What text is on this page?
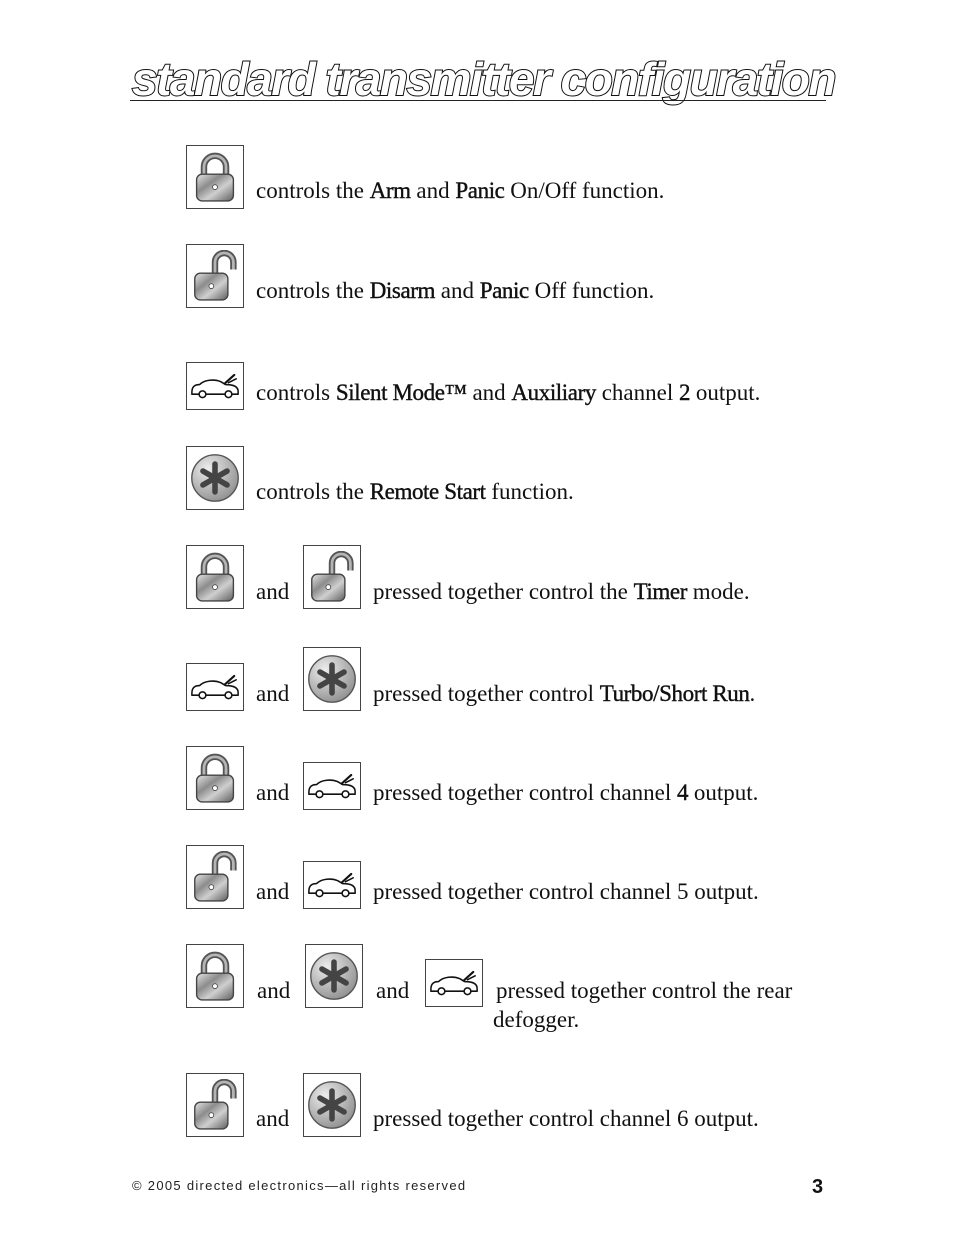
standard transmitter configuration
controls the Arm and Panic On/Off function.
controls the Disarm and Panic Off function.
controls Silent Mode™ and Auxiliary channel 2 output.
controls the Remote Start function.
and	pressed together control the Timer mode.
and	pressed together control Turbo/Short Run.
and	pressed together control channel 4 output.
and	pressed together control channel 5 output.
and	and	pressed together control the rear
defogger.
and	pressed together control channel 6 output.
© 2005 directed electronics—all rights reserved	3
